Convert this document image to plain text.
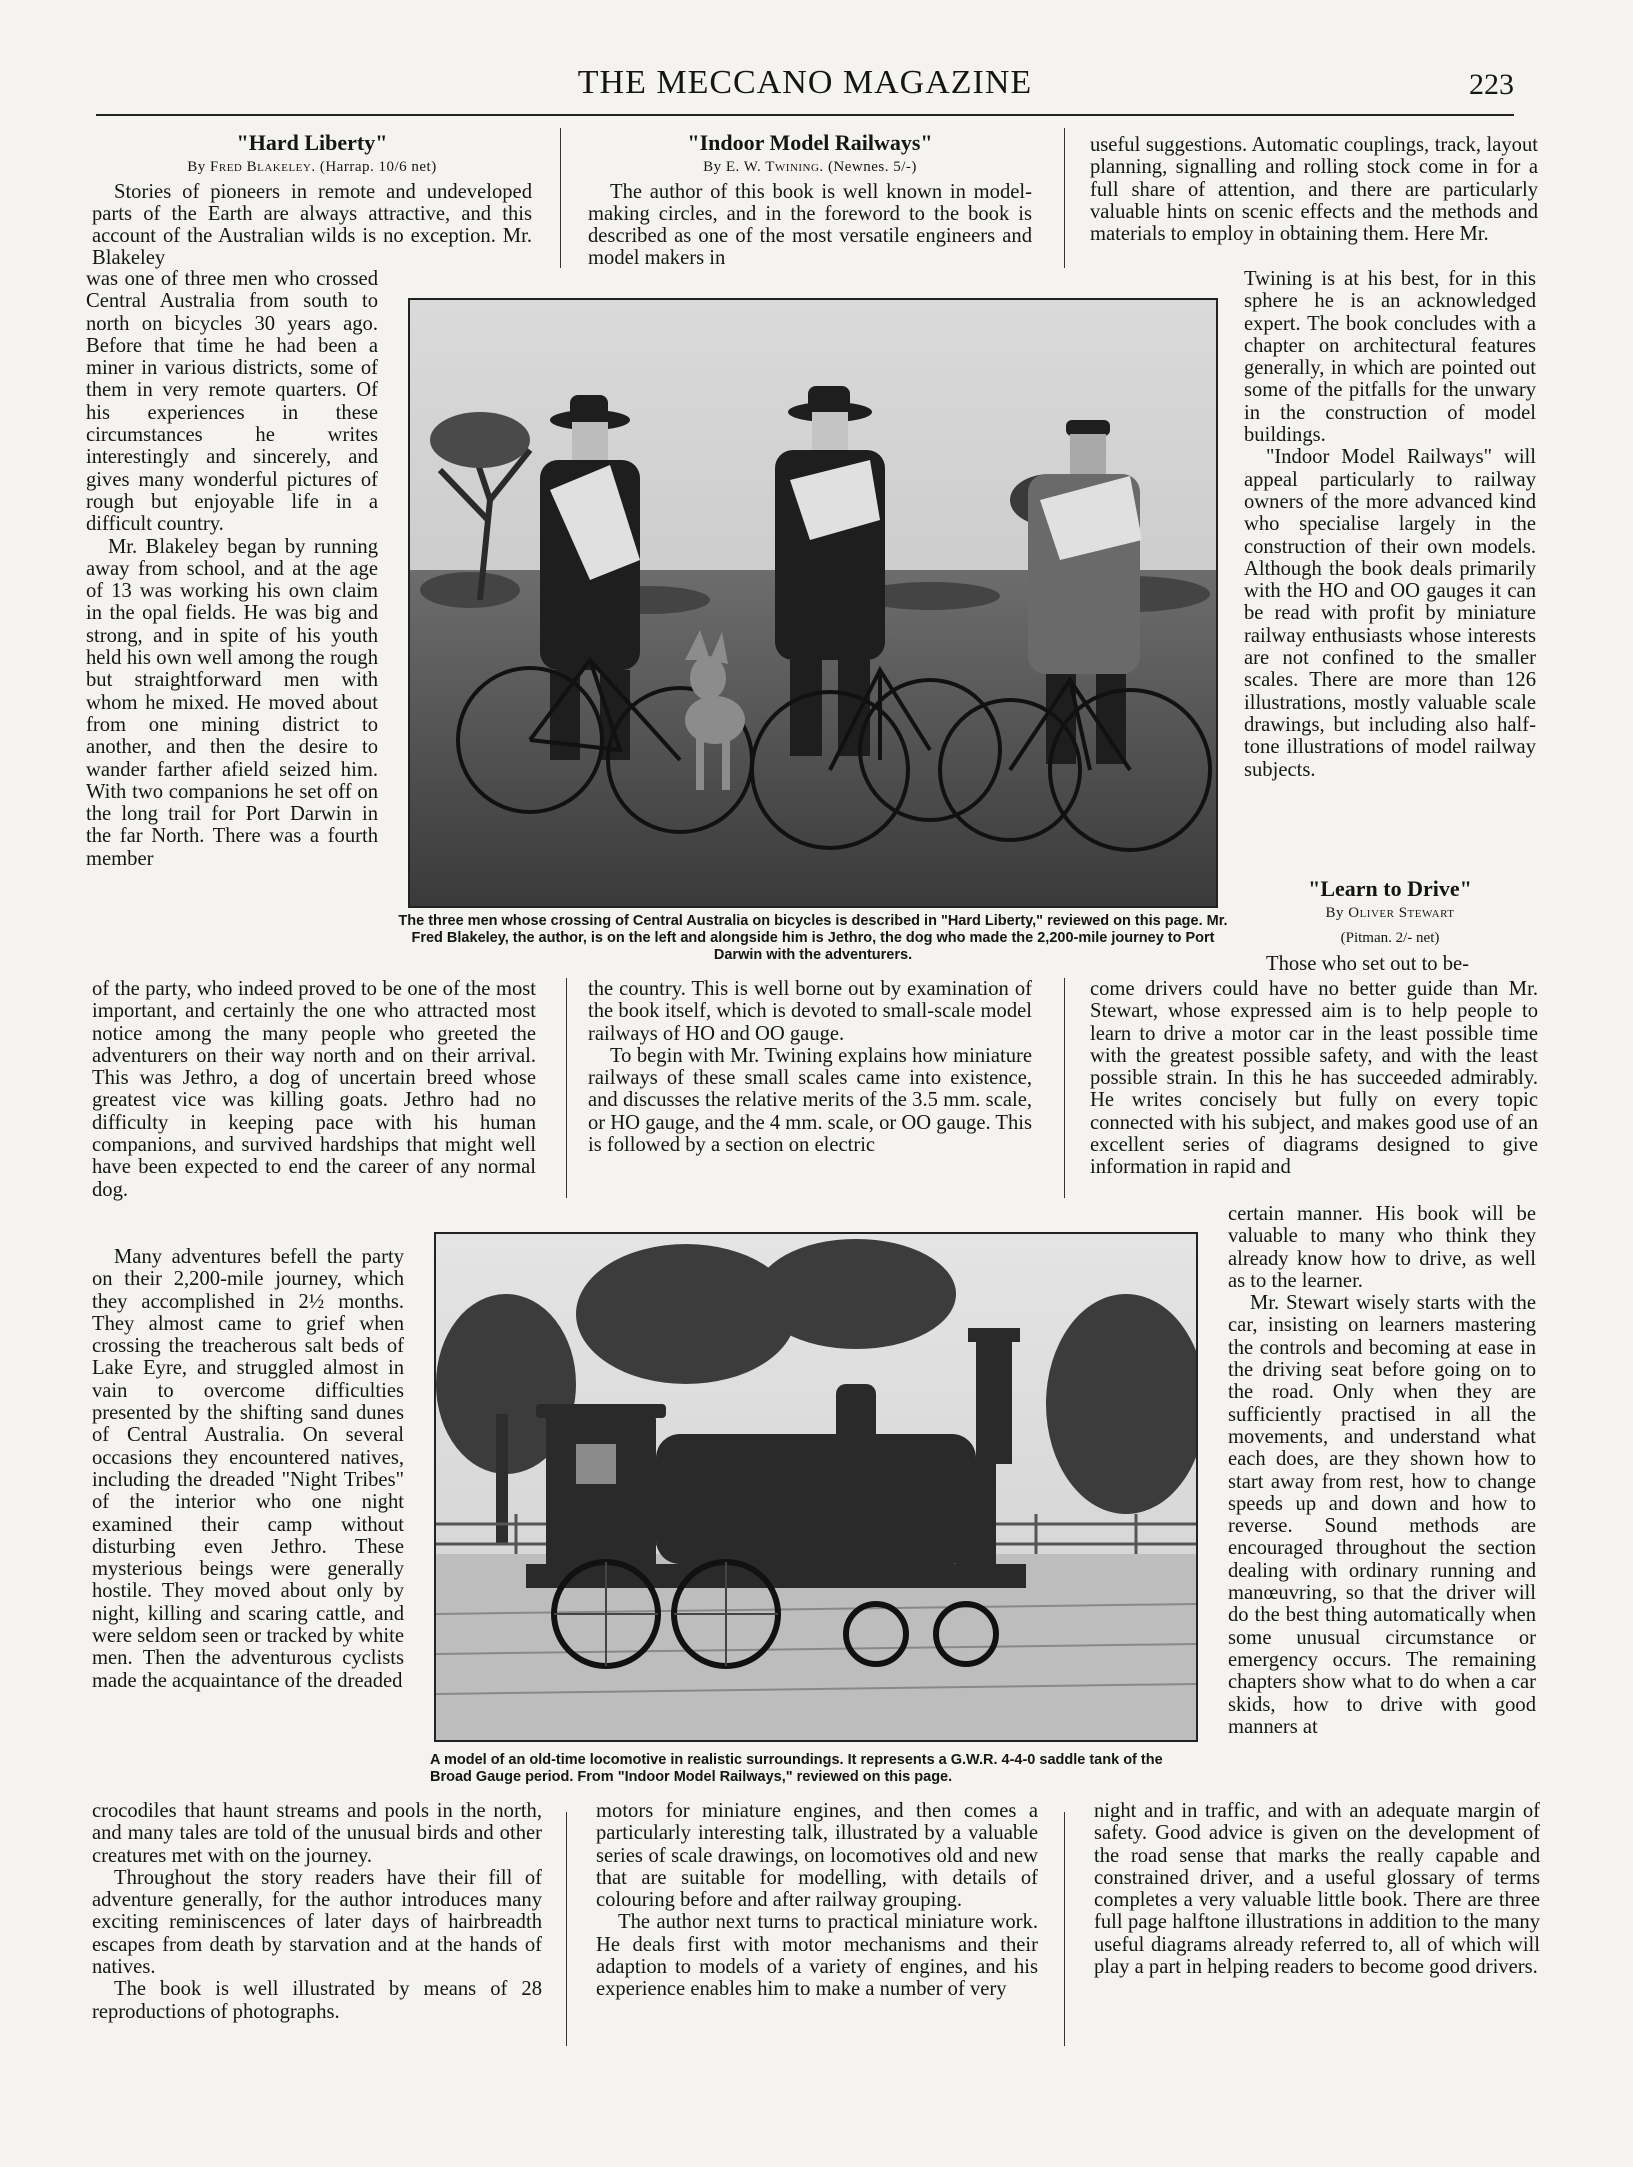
THE MECCANO MAGAZINE	223
"Hard Liberty"
By Fred Blakeley. (Harrap. 10/6 net)

Stories of pioneers in remote and undeveloped parts of the Earth are always attractive, and this account of the Australian wilds is no exception. Mr. Blakeley

was one of three men who crossed Central Australia from south to north on bicycles 30 years ago. Before that time he had been a miner in various districts, some of them in very remote quarters. Of his experiences in these circumstances he writes interestingly and sincerely, and gives many wonderful pictures of rough but enjoyable life in a difficult country.

Mr. Blakeley began by running away from school, and at the age of 13 was working his own claim in the opal fields. He was big and strong, and in spite of his youth held his own well among the rough but straightforward men with whom he mixed. He moved about from one mining district to another, and then the desire to wander farther afield seized him. With two companions he set off on the long trail for Port Darwin in the far North. There was a fourth member

of the party, who indeed proved to be one of the most important, and certainly the one who attracted most notice among the many people who greeted the adventurers on their way north and on their arrival. This was Jethro, a dog of uncertain breed whose greatest vice was killing goats. Jethro had no difficulty in keeping pace with his human companions, and survived hardships that might well have been expected to end the career of any normal dog.

Many adventures befell the party on their 2,200-mile journey, which they accomplished in 2½ months. They almost came to grief when crossing the treacherous salt beds of Lake Eyre, and struggled almost in vain to overcome difficulties presented by the shifting sand dunes of Central Australia. On several occasions they encountered natives, including the dreaded "Night Tribes" of the interior who one night examined their camp without disturbing even Jethro. These mysterious beings were generally hostile. They moved about only by night, killing and scaring cattle, and were seldom seen or tracked by white men. Then the adventurous cyclists made the acquaintance of the dreaded

crocodiles that haunt streams and pools in the north, and many tales are told of the unusual birds and other creatures met with on the journey.

Throughout the story readers have their fill of adventure generally, for the author introduces many exciting reminiscences of later days of hairbreadth escapes from death by starvation and at the hands of natives.

The book is well illustrated by means of 28 reproductions of photographs.

"Indoor Model Railways"
By E. W. Twining. (Newnes. 5/-)

The author of this book is well known in model-making circles, and in the foreword to the book is described as one of the most versatile engineers and model makers in

the country. This is well borne out by examination of the book itself, which is devoted to small-scale model railways of HO and OO gauge.

To begin with Mr. Twining explains how miniature railways of these small scales came into existence, and discusses the relative merits of the 3.5 mm. scale, or HO gauge, and the 4 mm. scale, or OO gauge. This is followed by a section on electric

motors for miniature engines, and then comes a particularly interesting talk, illustrated by a valuable series of scale drawings, on locomotives old and new that are suitable for modelling, with details of colouring before and after railway grouping.

The author next turns to practical miniature work. He deals first with motor mechanisms and their adaption to models of a variety of engines, and his experience enables him to make a number of very

useful suggestions. Automatic couplings, track, layout planning, signalling and rolling stock come in for a full share of attention, and there are particularly valuable hints on scenic effects and the methods and materials to employ in obtaining them. Here Mr.

Twining is at his best, for in this sphere he is an acknowledged expert. The book concludes with a chapter on architectural features generally, in which are pointed out some of the pitfalls for the unwary in the construction of model buildings.

"Indoor Model Railways" will appeal particularly to railway owners of the more advanced kind who specialise largely in the construction of their own models. Although the book deals primarily with the HO and OO gauges it can be read with profit by miniature railway enthusiasts whose interests are not confined to the smaller scales. There are more than 126 illustrations, mostly valuable scale drawings, but including also half-tone illustrations of model railway subjects.

"Learn to Drive"
By Oliver Stewart
(Pitman. 2/- net)

Those who set out to be-

come drivers could have no better guide than Mr. Stewart, whose expressed aim is to help people to learn to drive a motor car in the least possible time with the greatest possible safety, and with the least possible strain. In this he has succeeded admirably. He writes concisely but fully on every topic connected with his subject, and makes good use of an excellent series of diagrams designed to give information in rapid and

certain manner. His book will be valuable to many who think they already know how to drive, as well as to the learner.

Mr. Stewart wisely starts with the car, insisting on learners mastering the controls and becoming at ease in the driving seat before going on to the road. Only when they are sufficiently practised in all the movements, and understand what each does, are they shown how to start away from rest, how to change speeds up and down and how to reverse. Sound methods are encouraged throughout the section dealing with ordinary running and manœuvring, so that the driver will do the best thing automatically when some unusual circumstance or emergency occurs. The remaining chapters show what to do when a car skids, how to drive with good manners at

night and in traffic, and with an adequate margin of safety. Good advice is given on the development of the road sense that marks the really capable and constrained driver, and a useful glossary of terms completes a very valuable little book. There are three full page halftone illustrations in addition to the many useful diagrams already referred to, all of which will play a part in helping readers to become good drivers.

The three men whose crossing of Central Australia on bicycles is described in "Hard Liberty," reviewed on this page. Mr. Fred Blakeley, the author, is on the left and alongside him is Jethro, the dog who made the 2,200-mile journey to Port Darwin with the adventurers.
A model of an old-time locomotive in realistic surroundings. It represents a G.W.R. 4-4-0 saddle tank of the Broad Gauge period. From "Indoor Model Railways," reviewed on this page.
